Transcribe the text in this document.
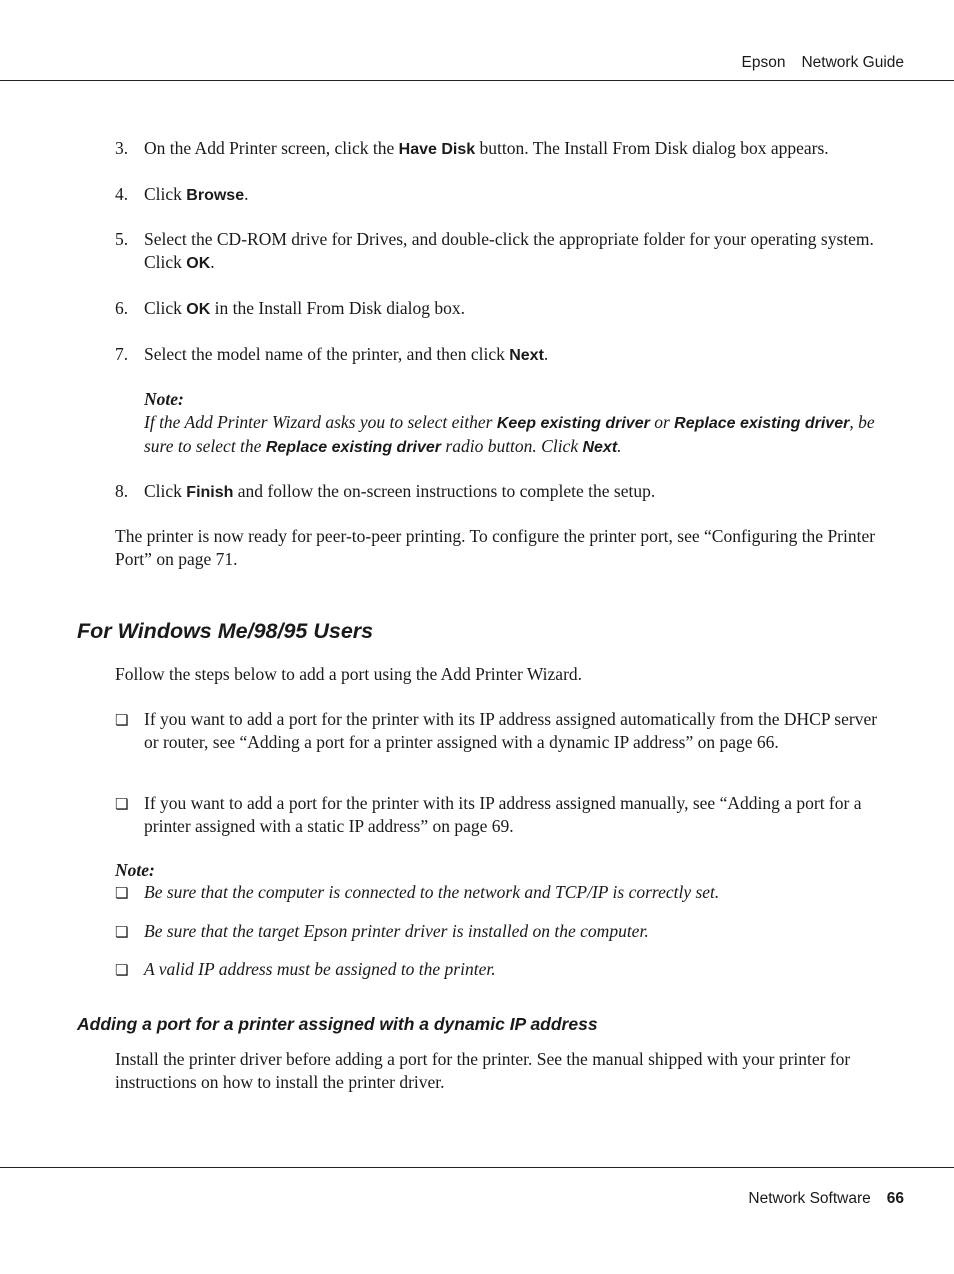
Epson Network Guide
3. On the Add Printer screen, click the Have Disk button. The Install From Disk dialog box appears.
4. Click Browse.
5. Select the CD-ROM drive for Drives, and double-click the appropriate folder for your operating system. Click OK.
6. Click OK in the Install From Disk dialog box.
7. Select the model name of the printer, and then click Next.
Note:
If the Add Printer Wizard asks you to select either Keep existing driver or Replace existing driver, be sure to select the Replace existing driver radio button. Click Next.
8. Click Finish and follow the on-screen instructions to complete the setup.
The printer is now ready for peer-to-peer printing. To configure the printer port, see “Configuring the Printer Port” on page 71.
For Windows Me/98/95 Users
Follow the steps below to add a port using the Add Printer Wizard.
❏ If you want to add a port for the printer with its IP address assigned automatically from the DHCP server or router, see “Adding a port for a printer assigned with a dynamic IP address” on page 66.
❏ If you want to add a port for the printer with its IP address assigned manually, see “Adding a port for a printer assigned with a static IP address” on page 69.
Note:
❏ Be sure that the computer is connected to the network and TCP/IP is correctly set.
❏ Be sure that the target Epson printer driver is installed on the computer.
❏ A valid IP address must be assigned to the printer.
Adding a port for a printer assigned with a dynamic IP address
Install the printer driver before adding a port for the printer. See the manual shipped with your printer for instructions on how to install the printer driver.
Network Software 66
